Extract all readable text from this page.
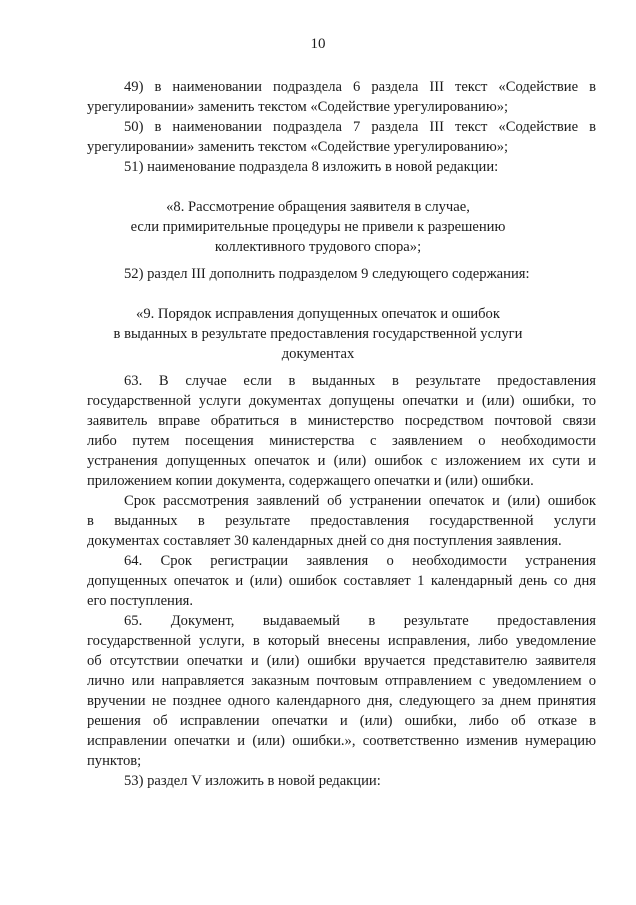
10
49) в наименовании подраздела 6 раздела III текст «Содействие в
урегулировании» заменить текстом «Содействие урегулированию»;
50) в наименовании подраздела 7 раздела III текст «Содействие в
урегулировании» заменить текстом «Содействие урегулированию»;
51) наименование подраздела 8 изложить в новой редакции:
«8. Рассмотрение обращения заявителя в случае,
если примирительные процедуры не привели к разрешению
коллективного трудового спора»;
52) раздел III дополнить подразделом 9 следующего содержания:
«9. Порядок исправления допущенных опечаток и ошибок
в выданных в результате предоставления государственной услуги
документах
63. В случае если в выданных в результате предоставления
государственной услуги документах допущены опечатки и (или) ошибки, то
заявитель вправе обратиться в министерство посредством почтовой связи
либо путем посещения министерства с заявлением о необходимости
устранения допущенных опечаток и (или) ошибок с изложением их сути и
приложением копии документа, содержащего опечатки и (или) ошибки.
Срок рассмотрения заявлений об устранении опечаток и (или) ошибок
в выданных в результате предоставления государственной услуги
документах составляет 30 календарных дней со дня поступления заявления.
64. Срок регистрации заявления о необходимости устранения
допущенных опечаток и (или) ошибок составляет 1 календарный день со дня
его поступления.
65. Документ, выдаваемый в результате предоставления
государственной услуги, в который внесены исправления, либо уведомление
об отсутствии опечатки и (или) ошибки вручается представителю заявителя
лично или направляется заказным почтовым отправлением с уведомлением о
вручении не позднее одного календарного дня, следующего за днем принятия
решения об исправлении опечатки и (или) ошибки, либо об отказе в
исправлении опечатки и (или) ошибки.», соответственно изменив нумерацию
пунктов;
53) раздел V изложить в новой редакции:
